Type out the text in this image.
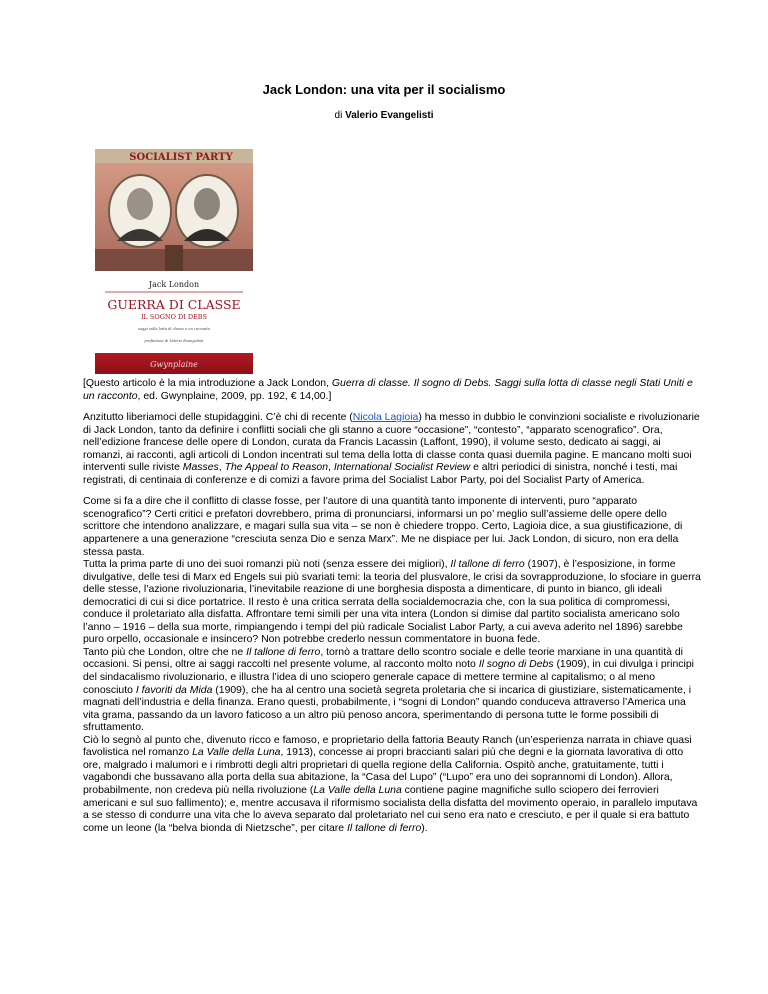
Jack London: una vita per il socialismo
di Valerio Evangelisti
SOCIALIST PARTY
Jack London
GUERRA DI CLASSE
IL SOGNO DI DEBS
saggi sulla lotta di classe e un racconto
prefazione di Valerio Evangelisti
Gwynplaine

[Questo articolo è la mia introduzione a Jack London, Guerra di classe. Il sogno di Debs. Saggi sulla lotta di classe negli Stati Uniti e un racconto, ed. Gwynplaine, 2009, pp. 192, € 14,00.]

Anzitutto liberiamoci delle stupidaggini. C’è chi di recente (Nicola Lagioia) ha messo in dubbio le convinzioni socialiste e rivoluzionarie di Jack London, tanto da definire i conflitti sociali che gli stanno a cuore “occasione”, “contesto”, “apparato scenografico”. Ora, nell’edizione francese delle opere di London, curata da Francis Lacassin (Laffont, 1990), il volume sesto, dedicato ai saggi, ai romanzi, ai racconti, agli articoli di London incentrati sul tema della lotta di classe conta quasi duemila pagine. E mancano molti suoi interventi sulle riviste Masses, The Appeal to Reason, International Socialist Review e altri periodici di sinistra, nonché i testi, mai registrati, di centinaia di conferenze e di comizi a favore prima del Socialist Labor Party, poi del Socialist Party of America.

Come si fa a dire che il conflitto di classe fosse, per l’autore di una quantità tanto imponente di interventi, puro “apparato scenografico”? Certi critici e prefatori dovrebbero, prima di pronunciarsi, informarsi un po’ meglio sull’assieme delle opere dello scrittore che intendono analizzare, e magari sulla sua vita – se non è chiedere troppo. Certo, Lagioia dice, a sua giustificazione, di appartenere a una generazione “cresciuta senza Dio e senza Marx”. Me ne dispiace per lui. Jack London, di sicuro, non era della stessa pasta.

Tutta la prima parte di uno dei suoi romanzi più noti (senza essere dei migliori), Il tallone di ferro (1907), è l’esposizione, in forme divulgative, delle tesi di Marx ed Engels sui più svariati temi: la teoria del plusvalore, le crisi da sovrapproduzione, lo sfociare in guerra delle stesse, l’azione rivoluzionaria, l’inevitabile reazione di une borghesia disposta a dimenticare, di punto in bianco, gli ideali democratici di cui si dice portatrice. Il resto è una critica serrata della socialdemocrazia che, con la sua politica di compromessi, conduce il proletariato alla disfatta. Affrontare temi simili per una vita intera (London si dimise dal partito socialista americano solo l’anno – 1916 – della sua morte, rimpiangendo i tempi del più radicale Socialist Labor Party, a cui aveva aderito nel 1896) sarebbe puro orpello, occasionale e insincero? Non potrebbe crederlo nessun commentatore in buona fede.

Tanto più che London, oltre che ne Il tallone di ferro, tornò a trattare dello scontro sociale e delle teorie marxiane in una quantità di occasioni. Si pensi, oltre ai saggi raccolti nel presente volume, al racconto molto noto Il sogno di Debs (1909), in cui divulga i principi del sindacalismo rivoluzionario, e illustra l’idea di uno sciopero generale capace di mettere termine al capitalismo; o al meno conosciuto I favoriti da Mida (1909), che ha al centro una società segreta proletaria che si incarica di giustiziare, sistematicamente, i magnati dell’industria e della finanza. Erano questi, probabilmente, i “sogni di London” quando conduceva attraverso l’America una vita grama, passando da un lavoro faticoso a un altro più penoso ancora, sperimentando di persona tutte le forme possibili di sfruttamento.

Ciò lo segnò al punto che, divenuto ricco e famoso, e proprietario della fattoria Beauty Ranch (un’esperienza narrata in chiave quasi favolistica nel romanzo La Valle della Luna, 1913), concesse ai propri braccianti salari più che degni e la giornata lavorativa di otto ore, malgrado i malumori e i rimbrotti degli altri proprietari di quella regione della California. Ospitò anche, gratuitamente, tutti i vagabondi che bussavano alla porta della sua abitazione, la “Casa del Lupo” (“Lupo” era uno dei soprannomi di London). Allora, probabilmente, non credeva più nella rivoluzione (La Valle della Luna contiene pagine magnifiche sullo sciopero dei ferrovieri americani e sul suo fallimento); e, mentre accusava il riformismo socialista della disfatta del movimento operaio, in parallelo imputava a se stesso di condurre una vita che lo aveva separato dal proletariato nel cui seno era nato e cresciuto, e per il quale si era battuto come un leone (la “belva bionda di Nietzsche”, per citare Il tallone di ferro).
